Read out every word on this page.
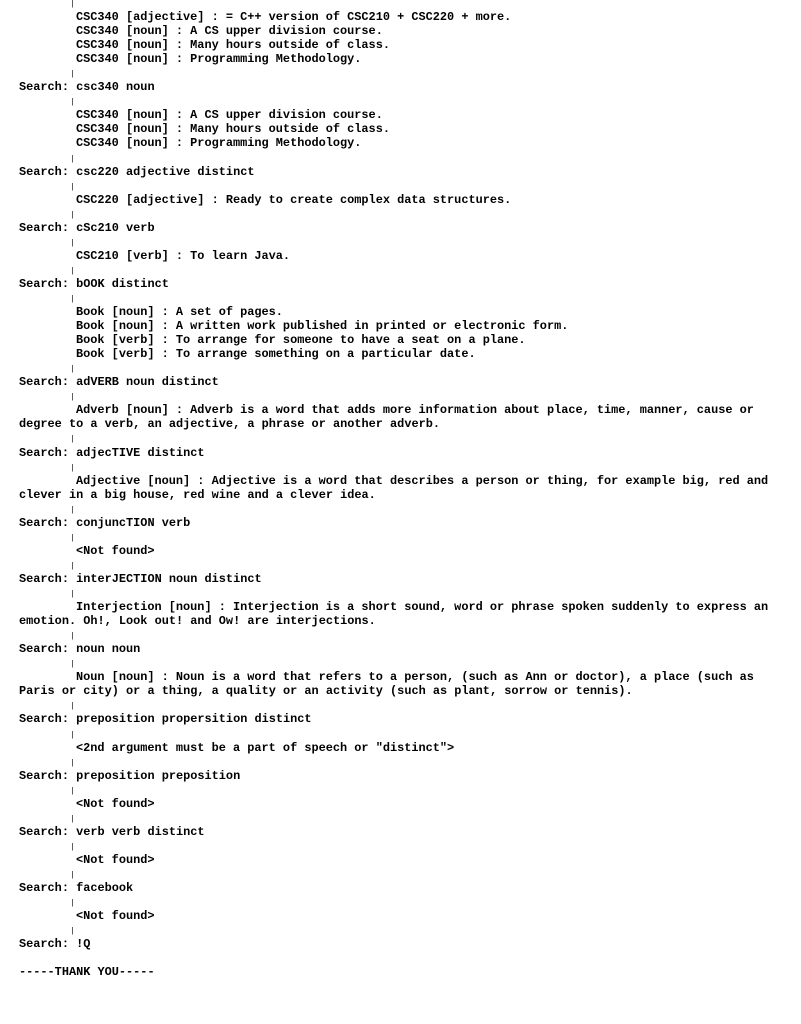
|
CSC340 [adjective] : = C++ version of CSC210 + CSC220 + more.
CSC340 [noun] : A CS upper division course.
CSC340 [noun] : Many hours outside of class.
CSC340 [noun] : Programming Methodology.
|
Search: csc340 noun
|
CSC340 [noun] : A CS upper division course.
CSC340 [noun] : Many hours outside of class.
CSC340 [noun] : Programming Methodology.
|
Search: csc220 adjective distinct
|
CSC220 [adjective] : Ready to create complex data structures.
|
Search: cSc210 verb
|
CSC210 [verb] : To learn Java.
|
Search: bOOK distinct
|
Book [noun] : A set of pages.
Book [noun] : A written work published in printed or electronic form.
Book [verb] : To arrange for someone to have a seat on a plane.
Book [verb] : To arrange something on a particular date.
|
Search: adVERB noun distinct
|
Adverb [noun] : Adverb is a word that adds more information about place, time, manner, cause or degree to a verb, an adjective, a phrase or another adverb.
|
Search: adjecTIVE distinct
|
Adjective [noun] : Adjective is a word that describes a person or thing, for example big, red and clever in a big house, red wine and a clever idea.
|
Search: conjuncTION verb
|
<Not found>
|
Search: interJECTION noun distinct
|
Interjection [noun] : Interjection is a short sound, word or phrase spoken suddenly to express an emotion. Oh!, Look out! and Ow! are interjections.
|
Search: noun noun
|
Noun [noun] : Noun is a word that refers to a person, (such as Ann or doctor), a place (such as Paris or city) or a thing, a quality or an activity (such as plant, sorrow or tennis).
|
Search: preposition propersition distinct
|
<2nd argument must be a part of speech or "distinct">
|
Search: preposition preposition
|
<Not found>
|
Search: verb verb distinct
|
<Not found>
|
Search: facebook
|
<Not found>
|
Search: !Q
-----THANK YOU-----
